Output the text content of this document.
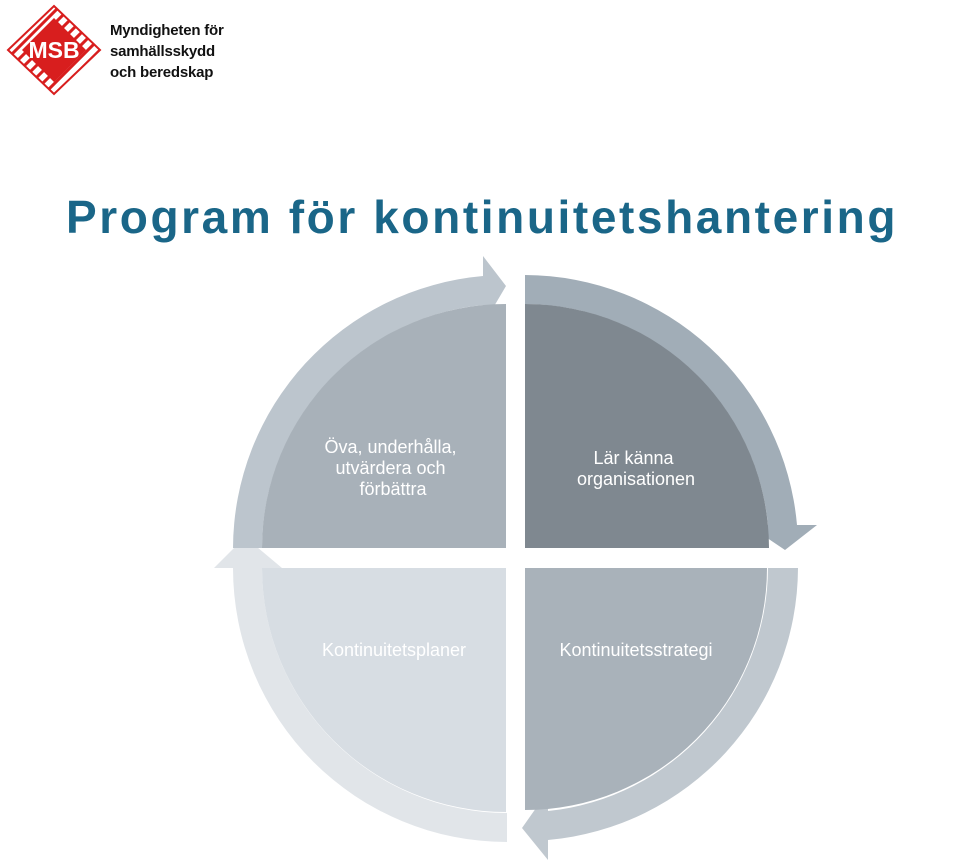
MSB
Myndigheten för
samhällsskydd
och beredskap
Program för kontinuitetshantering
Lär känna organisationen
Kontinuitetsstrategi
Kontinuitetsplaner
Öva, underhålla, utvärdera och förbättra
